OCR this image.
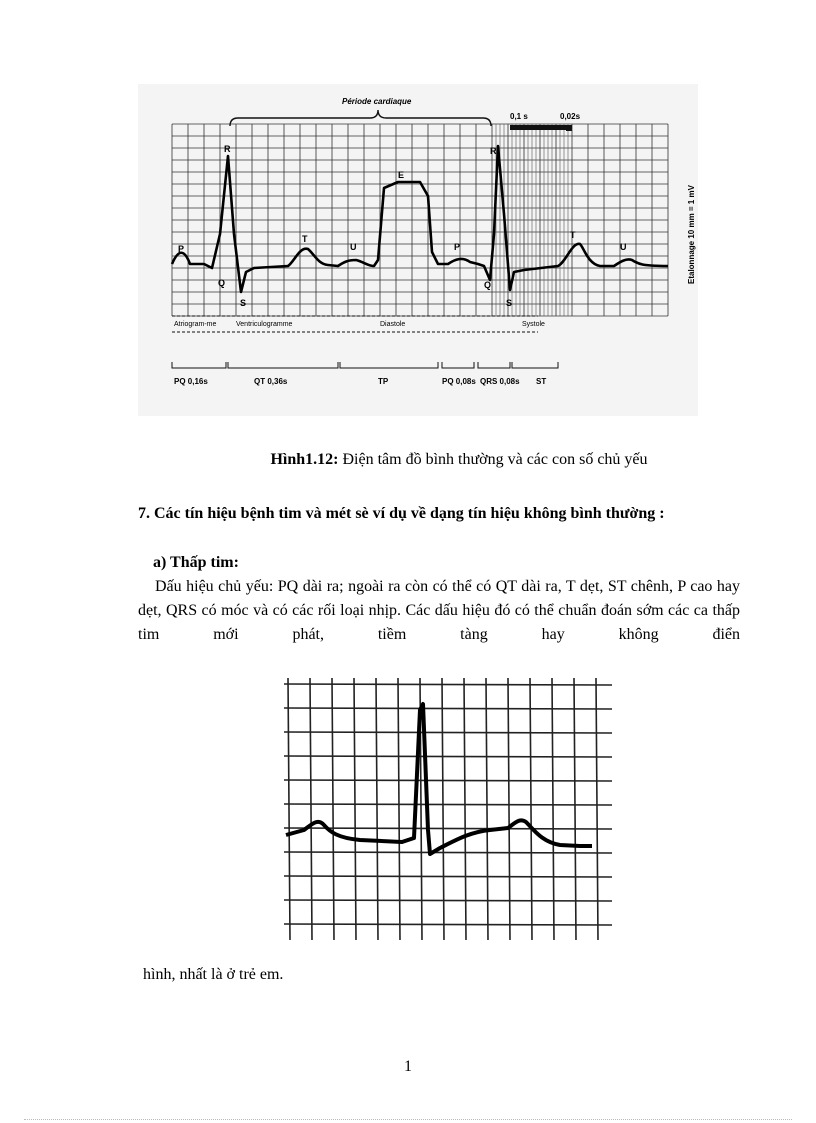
Période cardiaque
0,1 s	0,02s
Etalonnage 10 mm = 1 mV
R
P
Q
S
T
U
E
P
R
Q
S
T
U
Atriogram-me	Ventriculogramme	Diastole	Systole
PQ 0,16s	QT 0,36s	TP	PQ 0,08s QRS 0,08s ST
Hình1.12: Điện tâm đồ bình thường và các con số chủ yếu
7. Các tín hiệu bệnh tim và mét sè ví dụ về dạng tín hiệu không bình thường :
a) Thấp tim:
Dấu hiệu chủ yếu: PQ dài ra; ngoài ra còn có thể có QT dài ra, T dẹt, ST chênh, P cao hay dẹt, QRS có móc và có các rối loại nhịp. Các dấu hiệu đó có thể chuẩn đoán sớm các ca thấp tim mới phát, tiềm tàng hay không điển
hình, nhất là ở trẻ em.
1
